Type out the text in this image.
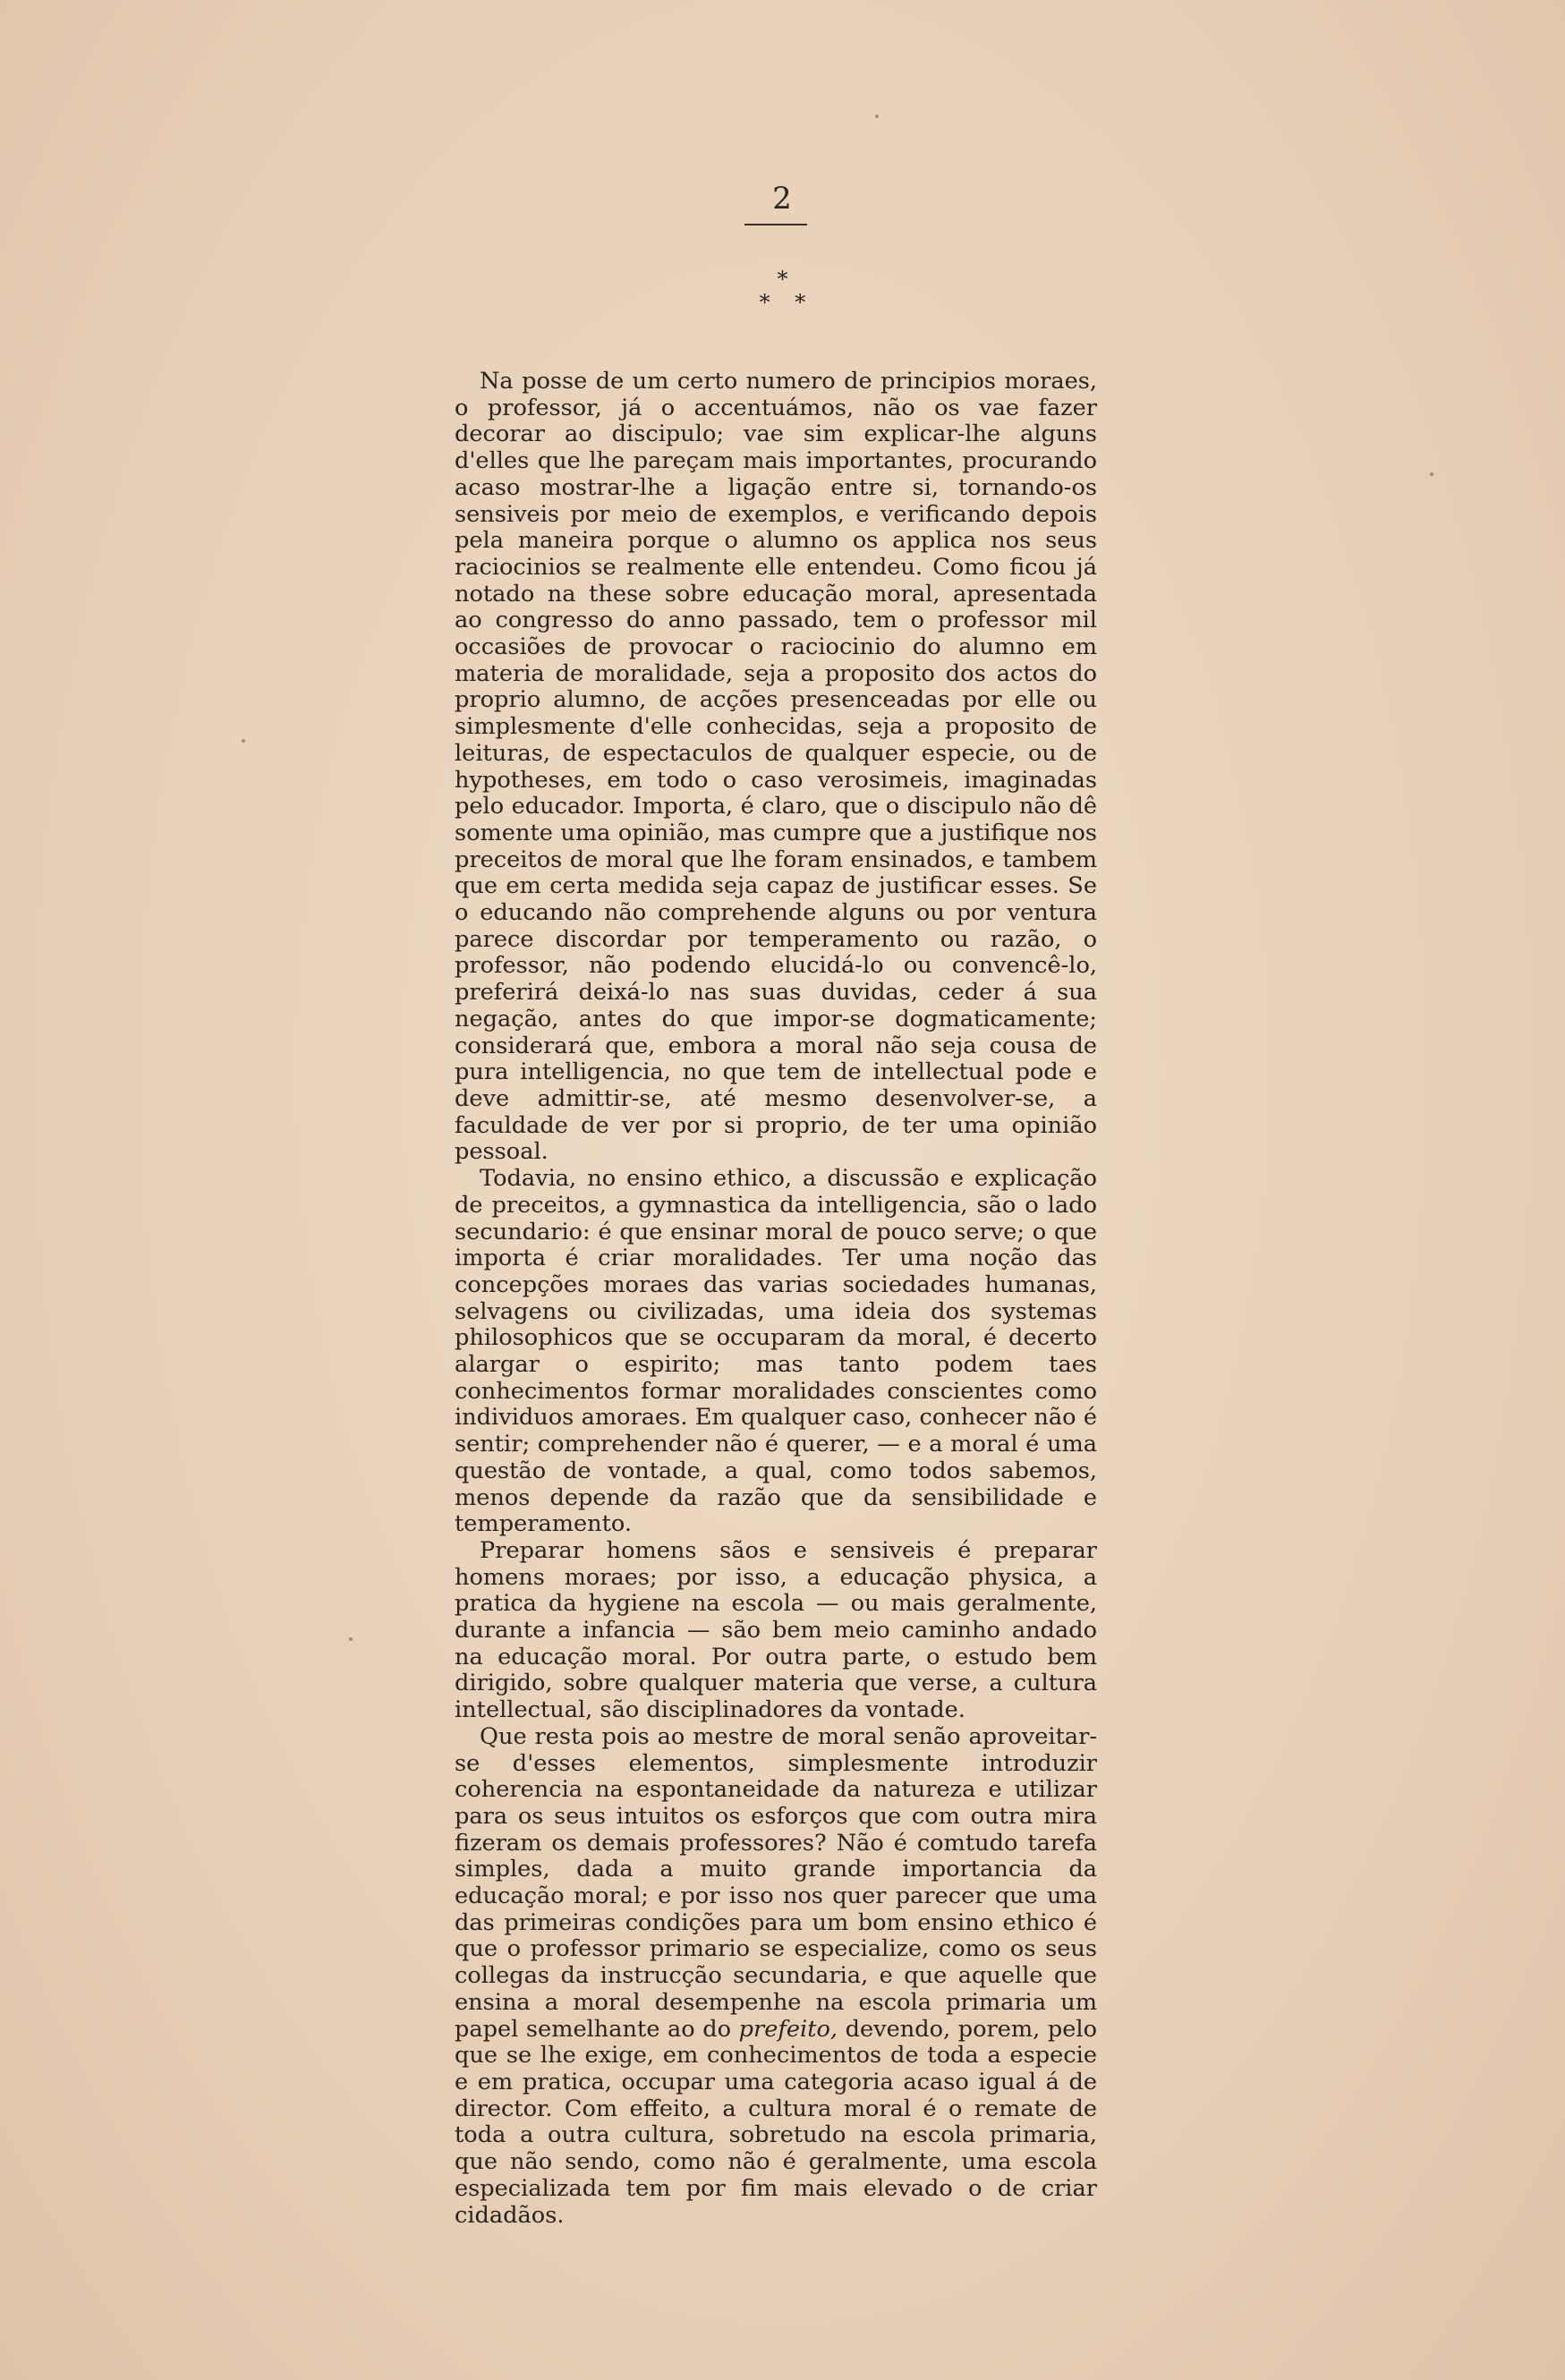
2
*
* *

Na posse de um certo numero de principios moraes, o professor, já o accentuámos, não os vae fazer decorar ao discipulo; vae sim explicar-lhe alguns d'elles que lhe pareçam mais importantes, procurando acaso mostrar-lhe a ligação entre si, tornando-os sensiveis por meio de exemplos, e verificando depois pela maneira porque o alumno os applica nos seus raciocinios se realmente elle entendeu. Como ficou já notado na these sobre educação moral, apresentada ao congresso do anno passado, tem o professor mil occasiões de provocar o raciocinio do alumno em materia de moralidade, seja a proposito dos actos do proprio alumno, de acções presenceadas por elle ou simplesmente d'elle conhecidas, seja a proposito de leituras, de espectaculos de qualquer especie, ou de hypotheses, em todo o caso verosimeis, imaginadas pelo educador. Importa, é claro, que o discipulo não dê somente uma opinião, mas cumpre que a justifique nos preceitos de moral que lhe foram ensinados, e tambem que em certa medida seja capaz de justificar esses. Se o educando não comprehende alguns ou por ventura parece discordar por temperamento ou razão, o professor, não podendo elucidá-lo ou convencê-lo, preferirá deixá-lo nas suas duvidas, ceder á sua negação, antes do que impor-se dogmaticamente; considerará que, embora a moral não seja cousa de pura intelligencia, no que tem de intellectual pode e deve admittir-se, até mesmo desenvolver-se, a faculdade de ver por si proprio, de ter uma opinião pessoal.

Todavia, no ensino ethico, a discussão e explicação de preceitos, a gymnastica da intelligencia, são o lado secundario: é que ensinar moral de pouco serve; o que importa é criar moralidades. Ter uma noção das concepções moraes das varias sociedades humanas, selvagens ou civilizadas, uma ideia dos systemas philosophicos que se occuparam da moral, é decerto alargar o espirito; mas tanto podem taes conhecimentos formar moralidades conscientes como individuos amoraes. Em qualquer caso, conhecer não é sentir; comprehender não é querer, — e a moral é uma questão de vontade, a qual, como todos sabemos, menos depende da razão que da sensibilidade e temperamento.

Preparar homens sãos e sensiveis é preparar homens moraes; por isso, a educação physica, a pratica da hygiene na escola — ou mais geralmente, durante a infancia — são bem meio caminho andado na educação moral. Por outra parte, o estudo bem dirigido, sobre qualquer materia que verse, a cultura intellectual, são disciplinadores da vontade.

Que resta pois ao mestre de moral senão aproveitar-se d'esses elementos, simplesmente introduzir coherencia na espontaneidade da natureza e utilizar para os seus intuitos os esforços que com outra mira fizeram os demais professores? Não é comtudo tarefa simples, dada a muito grande importancia da educação moral; e por isso nos quer parecer que uma das primeiras condições para um bom ensino ethico é que o professor primario se especialize, como os seus collegas da instrucção secundaria, e que aquelle que ensina a moral desempenhe na escola primaria um papel semelhante ao do prefeito, devendo, porem, pelo que se lhe exige, em conhecimentos de toda a especie e em pratica, occupar uma categoria acaso igual á de director. Com effeito, a cultura moral é o remate de toda a outra cultura, sobretudo na escola primaria, que não sendo, como não é geralmente, uma escola especializada tem por fim mais elevado o de criar cidadãos.
